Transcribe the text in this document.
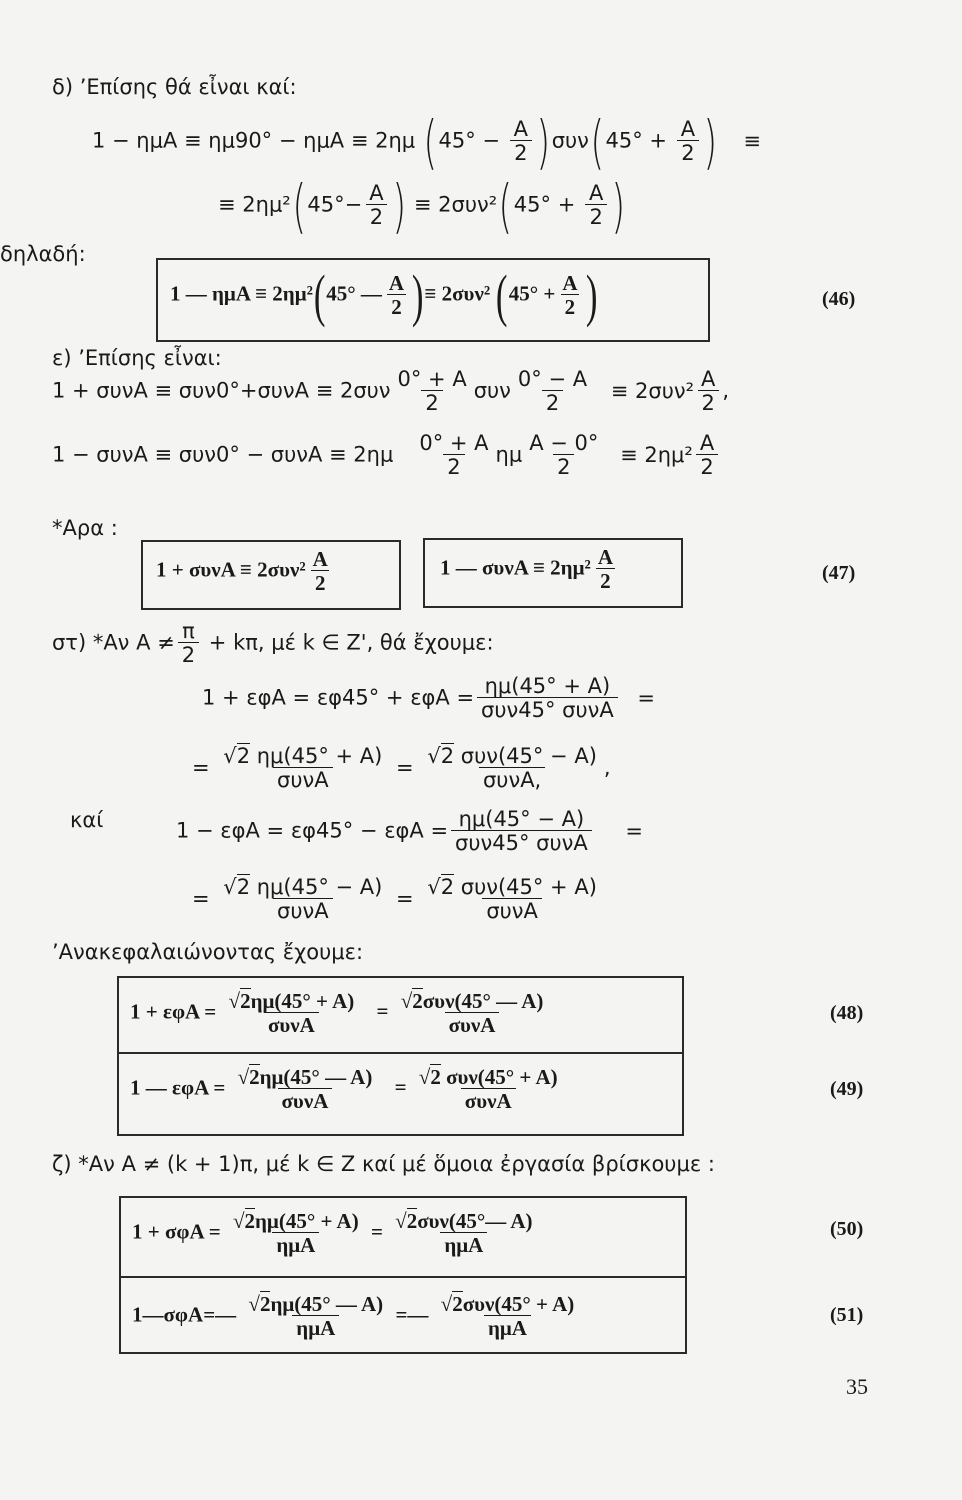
δ) ’Επίσης θά εἶναι καί:
1 − ημΑ ≡ ημ90° − ημΑ ≡ 2ημ $(45^\circ - \frac{A}{2} )\sigma\upsilon\nu(45^\circ + \frac{A}{2}$ ) ≡
≡ $2\eta\mu^2(45^\circ- \frac{A}{2}$ ) ≡ $2\sigma\upsilon\nu^2(45^\circ + \frac{A}{2}$ )
δηλαδή:
1 — ημΑ ≡ 2ημ²(45° — $\frac{A}{2}$ )≡ 2συν² ($45^\circ + \frac{A}{2}$ )	(46)
ε) ’Επίσης εἶναι:
$1 + \sigma\upsilon\nu A \equiv \sigma\upsilon\nu 0^\circ+\sigma\upsilon\nu A \equiv 2\sigma\upsilon\nu \frac{0^\circ + A}{2}$ συν $\frac{0^\circ - A}{2} \equiv 2\sigma\upsilon\nu^2 \frac{A}{2}$ ,
$1 - \sigma\upsilon\nu A \equiv \sigma\upsilon\nu 0^\circ - \sigma\upsilon\nu A \equiv 2\eta\mu \frac{0^\circ + A}{2}$ ημ $\frac{A - 0^\circ}{2} \equiv 2\eta\mu^2 \frac{A}{2}$
*Αρα :
$1 + \sigma\upsilon\nu A \equiv 2\sigma\upsilon\nu^2 \frac{A}{2}$	1 — $\sigma\upsilon\nu A \equiv 2\eta\mu^2 \frac{A}{2}$	(47)
στ) *Αν $A \ne \frac{\pi}{2} + k\pi$, μέ k ∈ Ζ', θά ἔχουμε:
$1 + \varepsilon\varphi A = \varepsilon\varphi 45^\circ + \varepsilon\varphi A = \frac{\eta\mu(45^\circ + A)}{\text{συν45° συνΑ}}$ =
= $\frac{√2 \eta\mu(45^\circ + A)}{\text{συνΑ}} = \frac{\text{√2 συν(45° − Α)}}{\text{συνΑ,}}$ ,
καί	$1 - \varepsilon\varphi A = \varepsilon\varphi 45^\circ - \varepsilon\varphi A = \frac{\eta\mu(45^\circ - A)}{\text{συν45° συνΑ}}$ =
= $\frac{√2 \eta\mu(45^\circ - A)}{\text{συνΑ}} = \frac{\text{√2 συν(45° + Α)}}{\text{συνΑ}}$
’Ανακεφαλαιώνοντας ἔχουμε:
$1 + \varepsilon\varphi A = \frac{√2\eta\mu(45^\circ + A)}{\text{συνΑ}} = \frac{\text{√2συν(45° — Α)}}{\text{συνΑ}}$	(48)
1 — $\varepsilon\varphi A = \frac{√2\eta\mu(45^\circ — A)}{\text{συνΑ}} = \frac{\text{√2 συν(45° + Α)}}{\text{συνΑ}}$	(49)
ζ) *Αν Α ≠ (k + 1)π, μέ k ∈ Ζ καί μέ ὅμοια ἐργασία βρίσκουμε :
$1 + \sigma\varphi A = \frac{√2\eta\mu(45^\circ + A)}{\text{ημΑ}} = \frac{\text{√2συν(45°— Α)}}{\text{ημΑ}}$	(50)
1—σφΑ=— $\frac{√2\eta\mu(45^\circ — A)}{\text{ημΑ}}$ =— $\frac{\text{√2συν(45° + Α)}}{\text{ημΑ}}$	(51)
35
